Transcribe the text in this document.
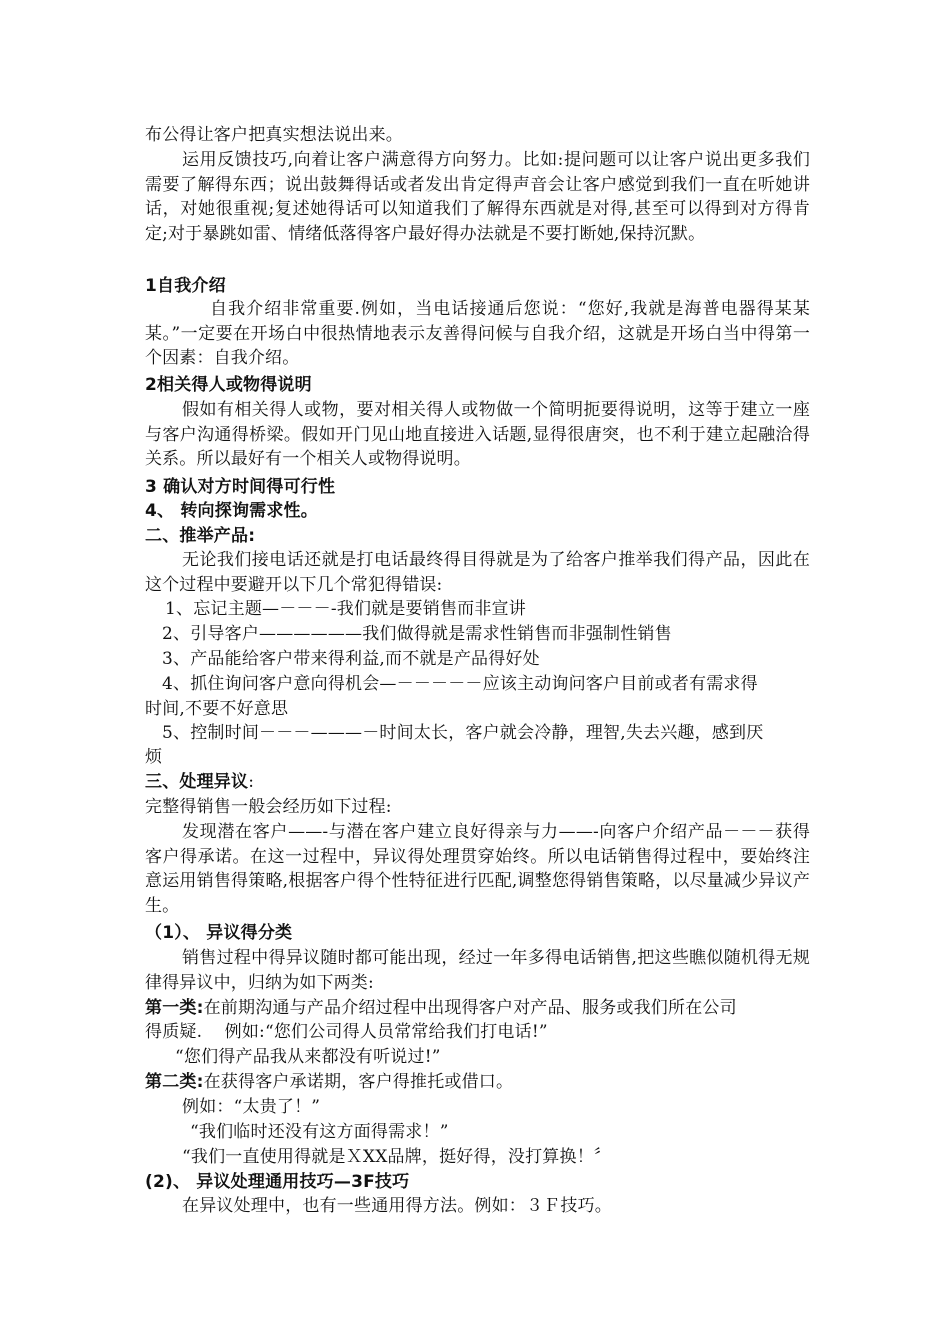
布公得让客户把真实想法说出来。
运用反馈技巧,向着让客户满意得方向努力。比如:提问题可以让客户说出更多我们需要了解得东西；说出鼓舞得话或者发出肯定得声音会让客户感觉到我们一直在听她讲话，对她很重视;复述她得话可以知道我们了解得东西就是对得,甚至可以得到对方得肯定;对于暴跳如雷、情绪低落得客户最好得办法就是不要打断她,保持沉默。
1自我介绍
自我介绍非常重要.例如，当电话接通后您说：“您好,我就是海普电器得某某某。”一定要在开场白中很热情地表示友善得问候与自我介绍，这就是开场白当中得第一个因素：自我介绍。
2相关得人或物得说明
假如有相关得人或物，要对相关得人或物做一个简明扼要得说明，这等于建立一座与客户沟通得桥梁。假如开门见山地直接进入话题,显得很唐突，也不利于建立起融洽得关系。所以最好有一个相关人或物得说明。
3 确认对方时间得可行性
4、 转向探询需求性。
二、推举产品:
无论我们接电话还就是打电话最终得目得就是为了给客户推举我们得产品，因此在这个过程中要避开以下几个常犯得错误:
1、忘记主题—－－－-我们就是要销售而非宣讲
2、引导客户——————我们做得就是需求性销售而非强制性销售
3、产品能给客户带来得利益,而不就是产品得好处
4、抓住询问客户意向得机会—－－－－－应该主动询问客户目前或者有需求得
时间,不要不好意思
5、控制时间－－－———－时间太长，客户就会冷静，理智,失去兴趣，感到厌
烦
三、处理异议:
完整得销售一般会经历如下过程:
发现潜在客户——-与潜在客户建立良好得亲与力——-向客户介绍产品－－－获得客户得承诺。在这一过程中，异议得处理贯穿始终。所以电话销售得过程中，要始终注意运用销售得策略,根据客户得个性特征进行匹配,调整您得销售策略，以尽量减少异议产生。
（1）、 异议得分类
销售过程中得异议随时都可能出现，经过一年多得电话销售,把这些瞧似随机得无规律得异议中，归纳为如下两类:
第一类:在前期沟通与产品介绍过程中出现得客户对产品、服务或我们所在公司
得质疑.    例如:“您们公司得人员常常给我们打电话!”
“您们得产品我从来都没有听说过!”
第二类:在获得客户承诺期，客户得推托或借口。
例如：“太贵了！”
“我们临时还没有这方面得需求！”
“我们一直使用得就是ＸXX品牌，挺好得，没打算换！〞
(2)、 异议处理通用技巧—3F技巧
在异议处理中，也有一些通用得方法。例如：３Ｆ技巧。
